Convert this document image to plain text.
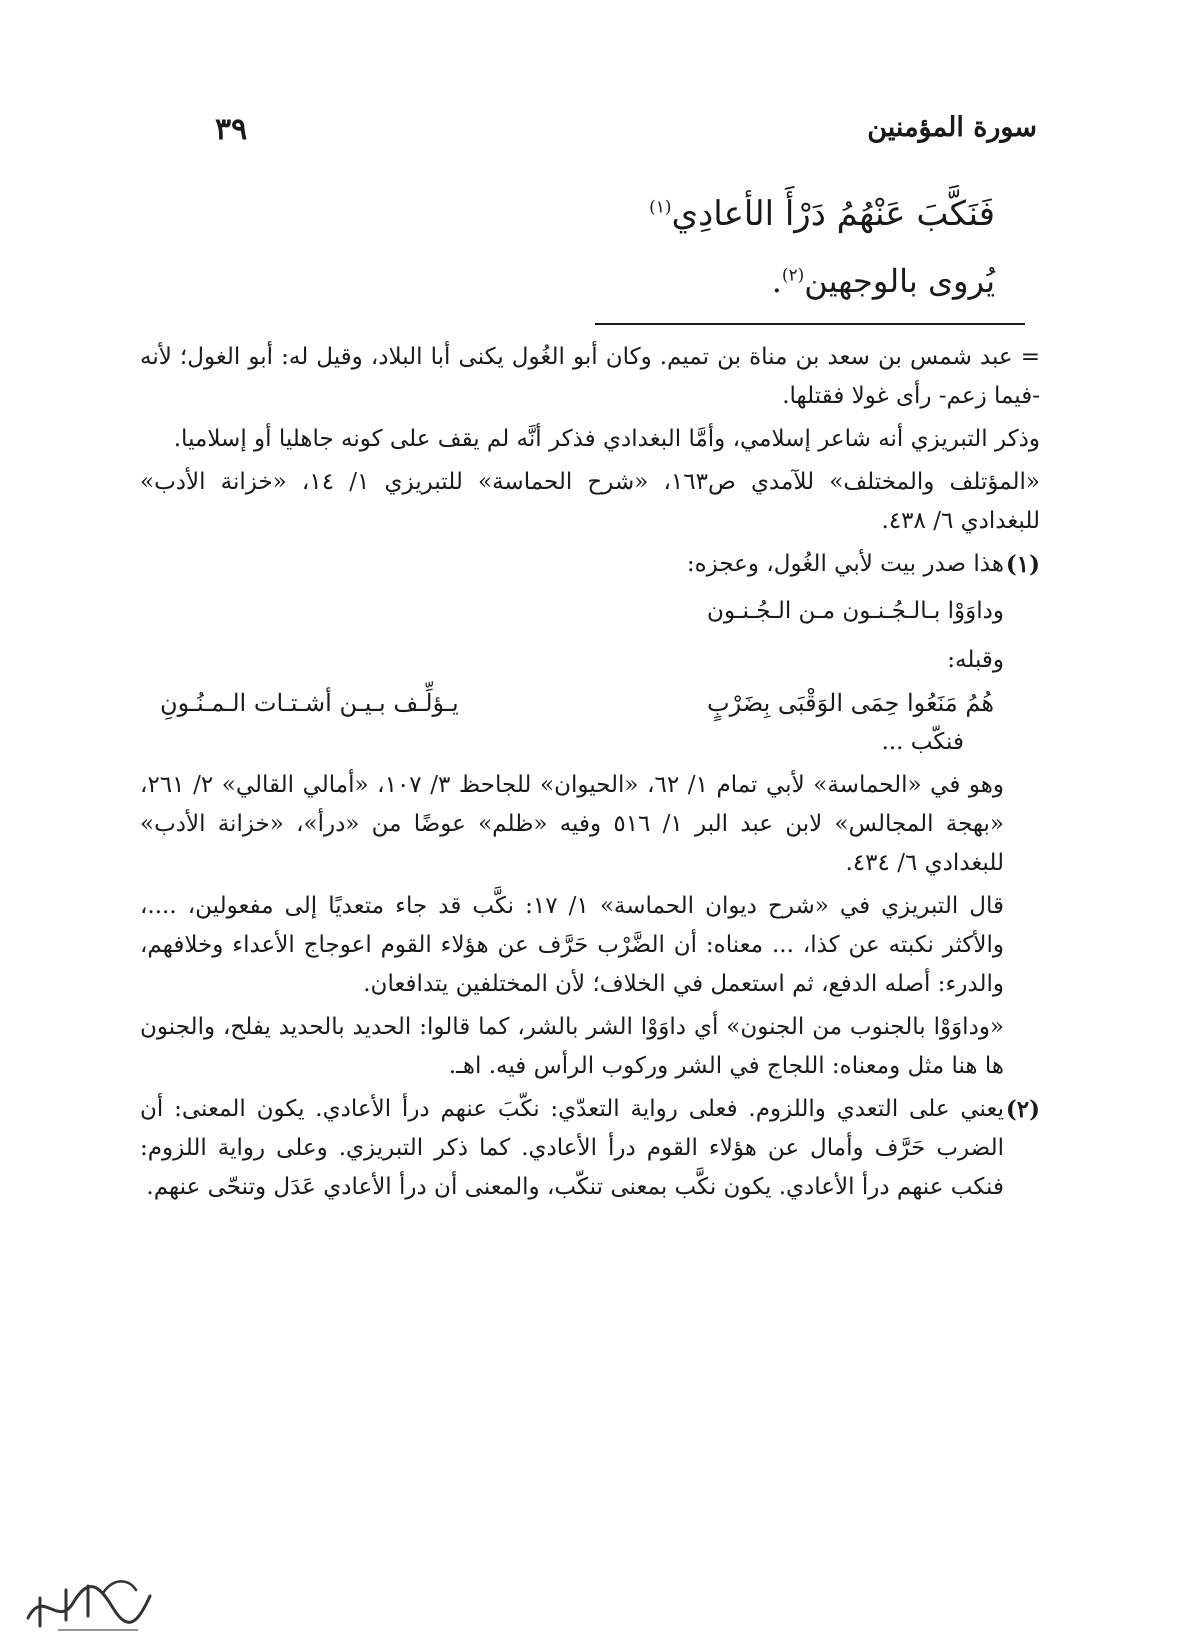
سورة المؤمنين
٣٩
فَنَكَّبَ عَنْهُمُ دَرْأَ الأعادِي$^{(١)}$
يُروى بالوجهين$^{(٢)}$.

= عبد شمس بن سعد بن مناة بن تميم. وكان أبو الغُول يكنى أبا البلاد، وقيل له: أبو الغول؛ لأنه -فيما زعم- رأى غولا فقتلها.

وذكر التبريزي أنه شاعر إسلامي، وأمَّا البغدادي فذكر أنَّه لم يقف على كونه جاهليا أو إسلاميا.

«المؤتلف والمختلف» للآمدي ص١٦٣، «شرح الحماسة» للتبريزي ١/ ١٤، «خزانة الأدب» للبغدادي ٦/ ٤٣٨.

(١)

هذا صدر بيت لأبي الغُول، وعجزه:

وداوَوْا بـالـجُـنـون مـن الـجُـنـون

وقبله:

هُمُ مَنَعُوا حِمَى الوَقْبَى بِضَرْبٍ
يـؤلِّـف بـيـن أشـتـات الـمـنُـونِ

فنكّب ...

وهو في «الحماسة» لأبي تمام ١/ ٦٢، «الحيوان» للجاحظ ٣/ ١٠٧، «أمالي القالي» ٢/ ٢٦١، «بهجة المجالس» لابن عبد البر ١/ ٥١٦ وفيه «ظلم» عوضًا من «درأ»، «خزانة الأدب» للبغدادي ٦/ ٤٣٤.

قال التبريزي في «شرح ديوان الحماسة» ١/ ١٧: نكَّب قد جاء متعديًا إلى مفعولين، ....، والأكثر نكبته عن كذا، ... معناه: أن الضَّرْب حَرَّف عن هؤلاء القوم اعوجاج الأعداء وخلافهم، والدرء: أصله الدفع، ثم استعمل في الخلاف؛ لأن المختلفين يتدافعان.

«وداوَوْا بالجنوب من الجنون» أي داوَوْا الشر بالشر، كما قالوا: الحديد بالحديد يفلح، والجنون ها هنا مثل ومعناه: اللجاج في الشر وركوب الرأس فيه. اهـ.

(٢)

يعني على التعدي واللزوم. فعلى رواية التعدّي: نكّبَ عنهم درأ الأعادي. يكون المعنى: أن الضرب حَرَّف وأمال عن هؤلاء القوم درأ الأعادي. كما ذكر التبريزي. وعلى رواية اللزوم: فنكب عنهم درأ الأعادي. يكون نكَّب بمعنى تنكّب، والمعنى أن درأ الأعادي عَدَل وتنحّى عنهم.
